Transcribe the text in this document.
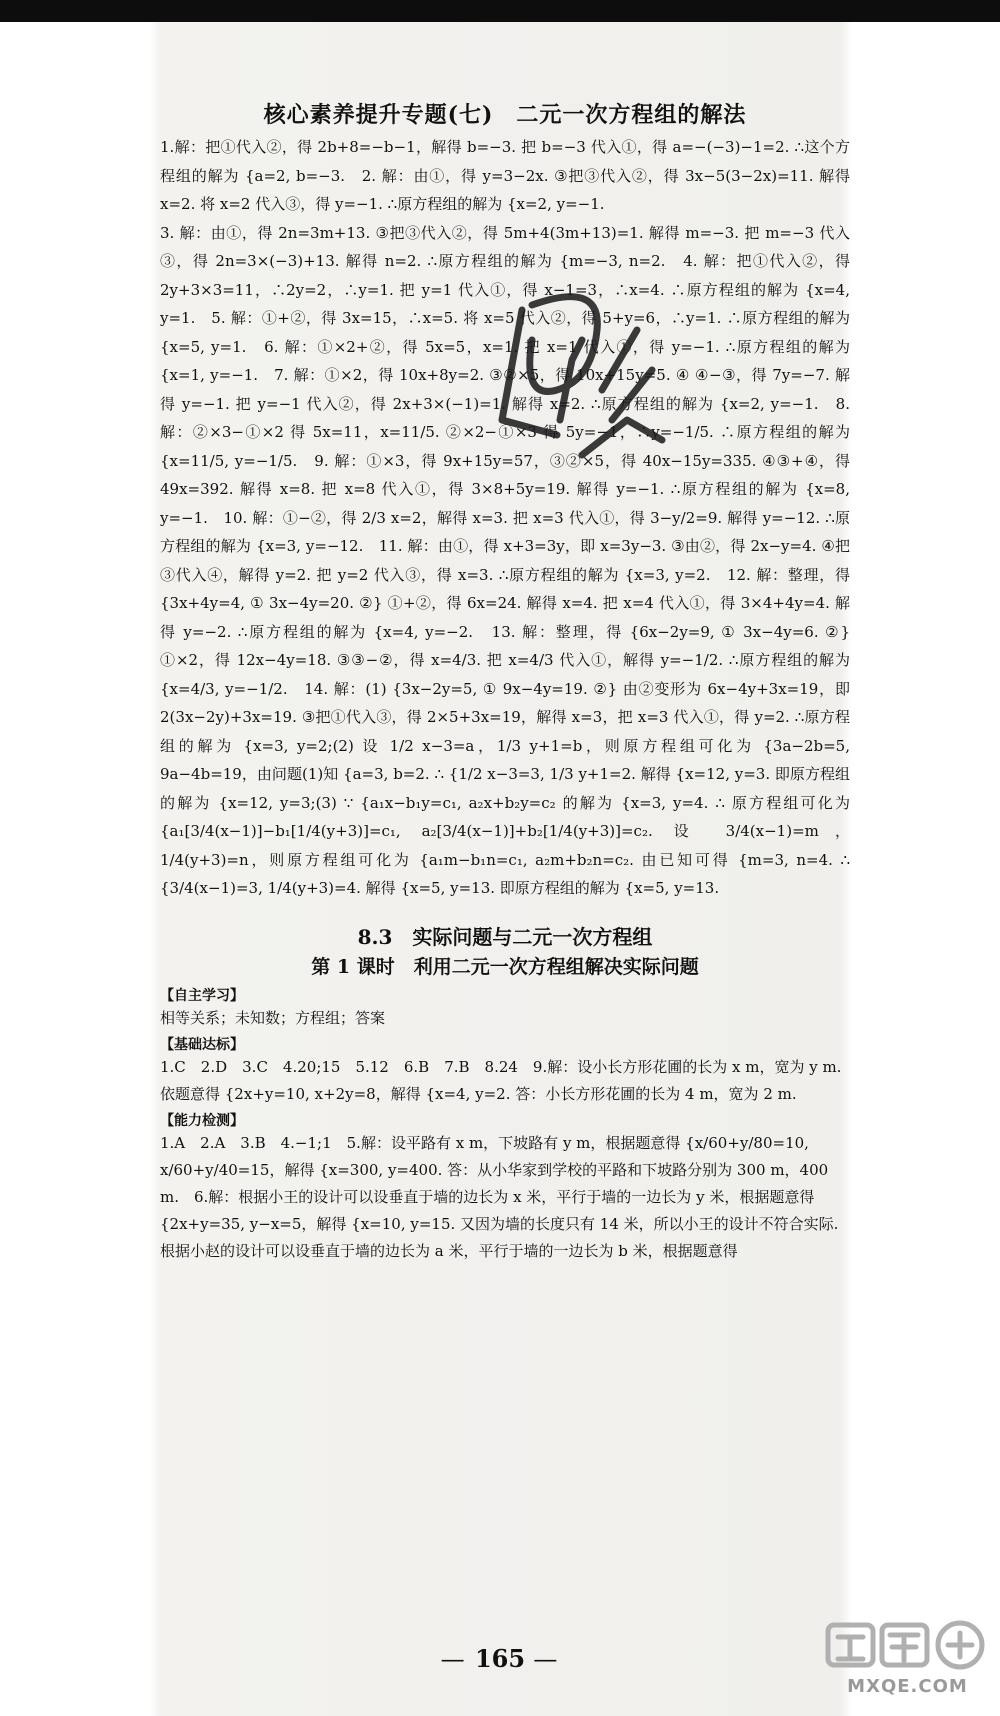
核心素养提升专题(七)　二元一次方程组的解法

1.解：把①代入②，得 2b+8=−b−1，解得 b=−3. 把 b=−3 代入①，得 a=−(−3)−1=2. ∴这个方程组的解为 {a=2, b=−3.　2. 解：由①，得 y=3−2x. ③把③代入②，得 3x−5(3−2x)=11. 解得 x=2. 将 x=2 代入③，得 y=−1. ∴原方程组的解为 {x=2, y=−1.

3. 解：由①，得 2n=3m+13. ③把③代入②，得 5m+4(3m+13)=1. 解得 m=−3. 把 m=−3 代入③，得 2n=3×(−3)+13. 解得 n=2. ∴原方程组的解为 {m=−3, n=2.　4. 解：把①代入②，得 2y+3×3=11，∴2y=2，∴y=1. 把 y=1 代入①，得 x−1=3，∴x=4. ∴原方程组的解为 {x=4, y=1.　5. 解：①+②，得 3x=15，∴x=5. 将 x=5 代入②，得 5+y=6，∴y=1. ∴原方程组的解为 {x=5, y=1.　6. 解：①×2+②，得 5x=5，x=1. 把 x=1 代入①，得 y=−1. ∴原方程组的解为 {x=1, y=−1.　7. 解：①×2，得 10x+8y=2. ③②×5，得 10x+15y=5. ④ ④−③，得 7y=−7. 解得 y=−1. 把 y=−1 代入②，得 2x+3×(−1)=1. 解得 x=2. ∴原方程组的解为 {x=2, y=−1.　8. 解：②×3−①×2 得 5x=11，x=11/5. ②×2−①×3 得 5y=−1，∴y=−1/5. ∴原方程组的解为 {x=11/5, y=−1/5.　9. 解：①×3，得 9x+15y=57，③②×5，得 40x−15y=335. ④③+④，得 49x=392. 解得 x=8. 把 x=8 代入①，得 3×8+5y=19. 解得 y=−1. ∴原方程组的解为 {x=8, y=−1.　10. 解：①−②，得 2/3 x=2，解得 x=3. 把 x=3 代入①，得 3−y/2=9. 解得 y=−12. ∴原方程组的解为 {x=3, y=−12.　11. 解：由①，得 x+3=3y，即 x=3y−3. ③由②，得 2x−y=4. ④把③代入④，解得 y=2. 把 y=2 代入③，得 x=3. ∴原方程组的解为 {x=3, y=2.　12. 解：整理，得 {3x+4y=4, ① 3x−4y=20. ②} ①+②，得 6x=24. 解得 x=4. 把 x=4 代入①，得 3×4+4y=4. 解得 y=−2. ∴原方程组的解为 {x=4, y=−2.　13. 解：整理，得 {6x−2y=9, ① 3x−4y=6. ②} ①×2，得 12x−4y=18. ③③−②，得 x=4/3. 把 x=4/3 代入①，解得 y=−1/2. ∴原方程组的解为 {x=4/3, y=−1/2.　14. 解：(1) {3x−2y=5, ① 9x−4y=19. ②} 由②变形为 6x−4y+3x=19，即 2(3x−2y)+3x=19. ③把①代入③，得 2×5+3x=19，解得 x=3，把 x=3 代入①，得 y=2. ∴原方程组的解为 {x=3, y=2;(2) 设 1/2 x−3=a，1/3 y+1=b，则原方程组可化为 {3a−2b=5, 9a−4b=19，由问题(1)知 {a=3, b=2. ∴ {1/2 x−3=3, 1/3 y+1=2. 解得 {x=12, y=3. 即原方程组的解为 {x=12, y=3;(3) ∵ {a₁x−b₁y=c₁, a₂x+b₂y=c₂ 的解为 {x=3, y=4. ∴ 原方程组可化为 {a₁[3/4(x−1)]−b₁[1/4(y+3)]=c₁, a₂[3/4(x−1)]+b₂[1/4(y+3)]=c₂. 设 3/4(x−1)=m，1/4(y+3)=n，则原方程组可化为 {a₁m−b₁n=c₁, a₂m+b₂n=c₂. 由已知可得 {m=3, n=4. ∴ {3/4(x−1)=3, 1/4(y+3)=4. 解得 {x=5, y=13. 即原方程组的解为 {x=5, y=13.

8.3　实际问题与二元一次方程组
第 1 课时　利用二元一次方程组解决实际问题
【自主学习】

相等关系；未知数；方程组；答案

【基础达标】

1.C　2.D　3.C　4.20;15　5.12　6.B　7.B　8.24　9.解：设小长方形花圃的长为 x m，宽为 y m. 依题意得 {2x+y=10, x+2y=8，解得 {x=4, y=2. 答：小长方形花圃的长为 4 m，宽为 2 m.

【能力检测】

1.A　2.A　3.B　4.−1;1　5.解：设平路有 x m，下坡路有 y m，根据题意得 {x/60+y/80=10, x/60+y/40=15，解得 {x=300, y=400. 答：从小华家到学校的平路和下坡路分别为 300 m，400 m.　6.解：根据小王的设计可以设垂直于墙的边长为 x 米，平行于墙的一边长为 y 米，根据题意得 {2x+y=35, y−x=5，解得 {x=10, y=15. 又因为墙的长度只有 14 米，所以小王的设计不符合实际. 根据小赵的设计可以设垂直于墙的边长为 a 米，平行于墙的一边长为 b 米，根据题意得

— 165 —
MXQE.COM
